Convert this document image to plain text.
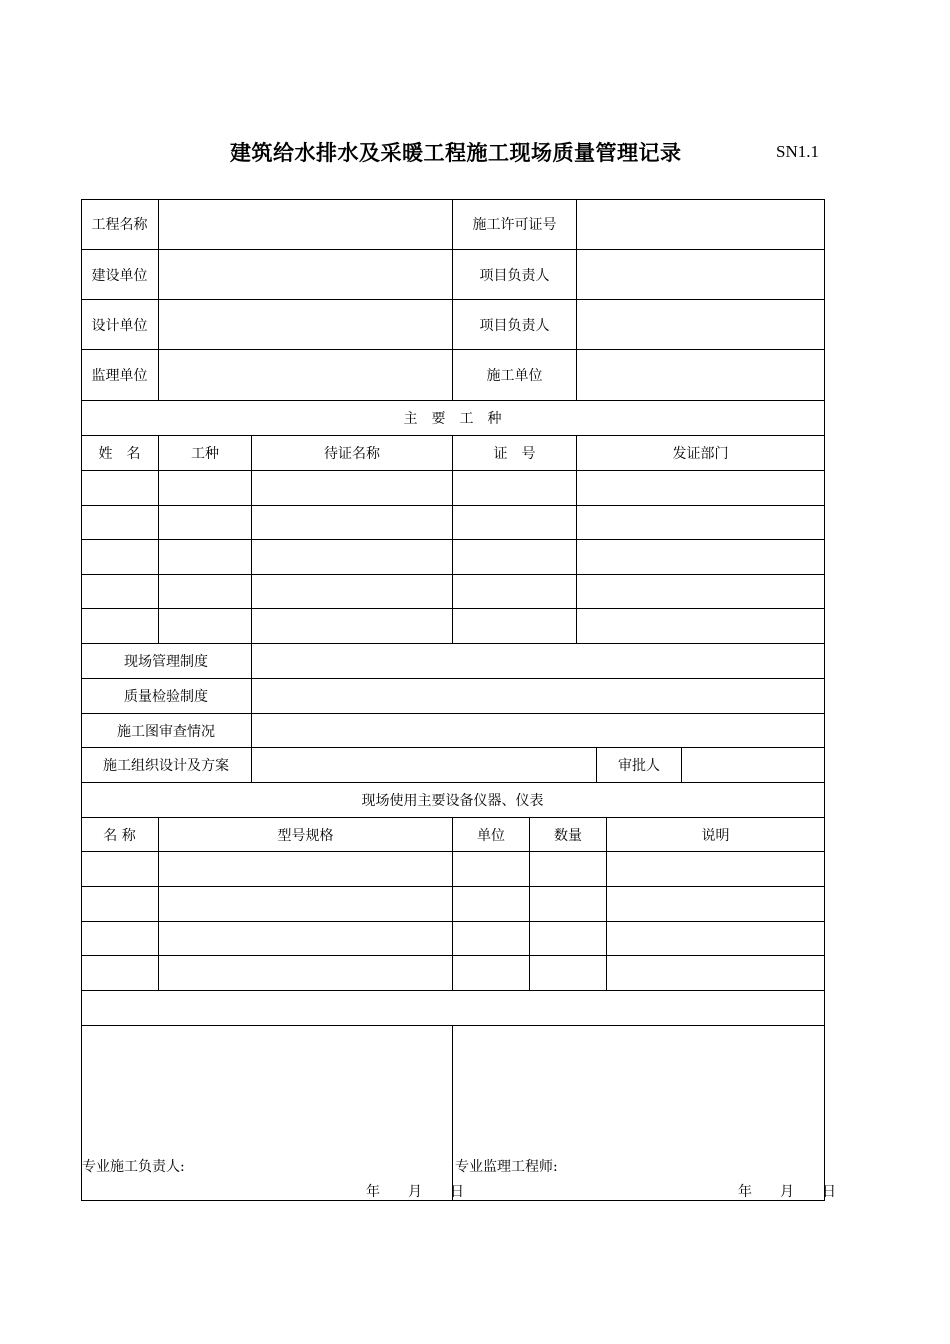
建筑给水排水及采暖工程施工现场质量管理记录	SN1.1
工程名称	施工许可证号
建设单位	项目负责人
设计单位	项目负责人
监理单位	施工单位
主　要　工　种
姓　名	工种	待证名称	证　号	发证部门
现场管理制度
质量检验制度
施工图审查情况
施工组织设计及方案	审批人
现场使用主要设备仪器、仪表
名 称	型号规格	单位	数量	说明
专业施工负责人:
年　　月　　日
专业监理工程师:
年　　月　　日
